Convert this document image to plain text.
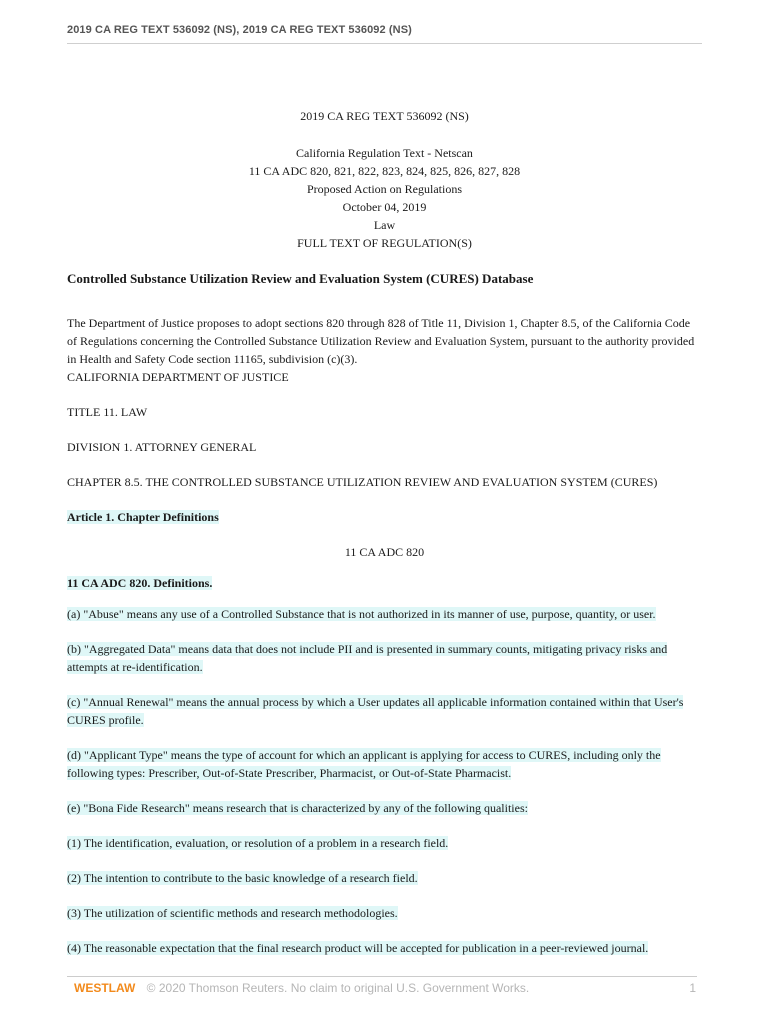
2019 CA REG TEXT 536092 (NS), 2019 CA REG TEXT 536092 (NS)
2019 CA REG TEXT 536092 (NS)
California Regulation Text - Netscan
11 CA ADC 820, 821, 822, 823, 824, 825, 826, 827, 828
Proposed Action on Regulations
October 04, 2019
Law
FULL TEXT OF REGULATION(S)
Controlled Substance Utilization Review and Evaluation System (CURES) Database
The Department of Justice proposes to adopt sections 820 through 828 of Title 11, Division 1, Chapter 8.5, of the California Code of Regulations concerning the Controlled Substance Utilization Review and Evaluation System, pursuant to the authority provided in Health and Safety Code section 11165, subdivision (c)(3).
CALIFORNIA DEPARTMENT OF JUSTICE
TITLE 11. LAW
DIVISION 1. ATTORNEY GENERAL
CHAPTER 8.5. THE CONTROLLED SUBSTANCE UTILIZATION REVIEW AND EVALUATION SYSTEM (CURES)
Article 1. Chapter Definitions
11 CA ADC 820
11 CA ADC 820. Definitions.
(a) "Abuse" means any use of a Controlled Substance that is not authorized in its manner of use, purpose, quantity, or user.
(b) "Aggregated Data" means data that does not include PII and is presented in summary counts, mitigating privacy risks and attempts at re-identification.
(c) "Annual Renewal" means the annual process by which a User updates all applicable information contained within that User's CURES profile.
(d) "Applicant Type" means the type of account for which an applicant is applying for access to CURES, including only the following types: Prescriber, Out-of-State Prescriber, Pharmacist, or Out-of-State Pharmacist.
(e) "Bona Fide Research" means research that is characterized by any of the following qualities:
(1) The identification, evaluation, or resolution of a problem in a research field.
(2) The intention to contribute to the basic knowledge of a research field.
(3) The utilization of scientific methods and research methodologies.
(4) The reasonable expectation that the final research product will be accepted for publication in a peer-reviewed journal.
WESTLAW © 2020 Thomson Reuters. No claim to original U.S. Government Works.	1
